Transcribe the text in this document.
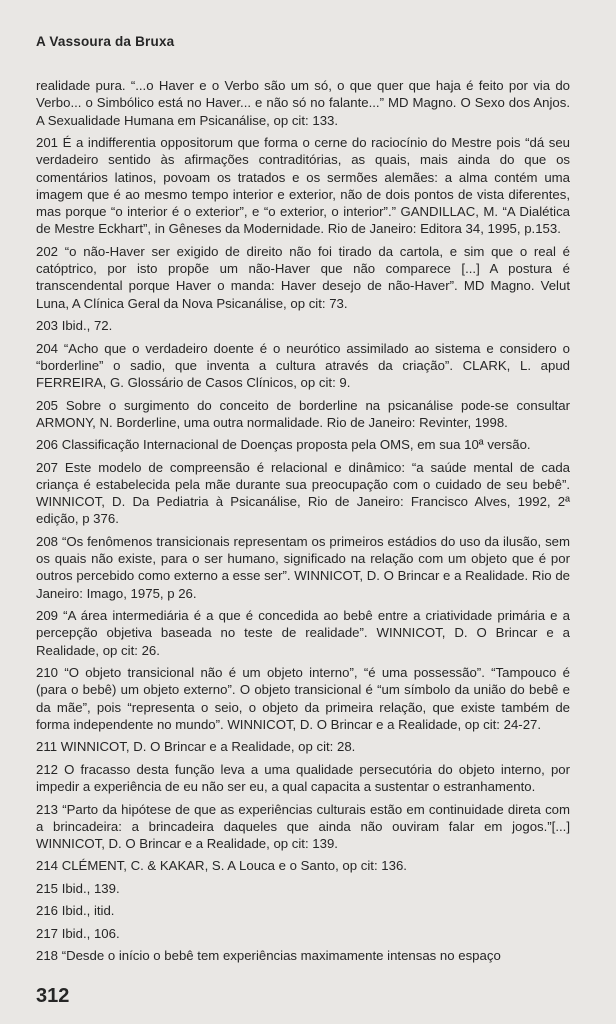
A Vassoura da Bruxa

realidade pura. “...o Haver e o Verbo são um só, o que quer que haja é feito por via do Verbo... o Simbólico está no Haver... e não só no falante...” MD Magno. O Sexo dos Anjos. A Sexualidade Humana em Psicanálise, op cit: 133.

201 É a indifferentia oppositorum que forma o cerne do raciocínio do Mestre pois “dá seu verdadeiro sentido às afirmações contraditórias, as quais, mais ainda do que os comentários latinos, povoam os tratados e os sermões alemães: a alma contém uma imagem que é ao mesmo tempo interior e exterior, não de dois pontos de vista diferentes, mas porque “o interior é o exterior”, e “o exterior, o interior”.” GANDILLAC, M. “A Dialética de Mestre Eckhart”, in Gêneses da Modernidade. Rio de Janeiro: Editora 34, 1995, p.153.

202 “o não-Haver ser exigido de direito não foi tirado da cartola, e sim que o real é catóptrico, por isto propõe um não-Haver que não comparece [...] A postura é transcendental porque Haver o manda: Haver desejo de não-Haver”. MD Magno. Velut Luna, A Clínica Geral da Nova Psicanálise, op cit: 73.

203 Ibid., 72.

204 “Acho que o verdadeiro doente é o neurótico assimilado ao sistema e considero o “borderline” o sadio, que inventa a cultura através da criação”. CLARK, L. apud FERREIRA, G. Glossário de Casos Clínicos, op cit: 9.

205 Sobre o surgimento do conceito de borderline na psicanálise pode-se consultar ARMONY, N. Borderline, uma outra normalidade. Rio de Janeiro: Revinter, 1998.

206 Classificação Internacional de Doenças proposta pela OMS, em sua 10ª versão.

207 Este modelo de compreensão é relacional e dinâmico: “a saúde mental de cada criança é estabelecida pela mãe durante sua preocupação com o cuidado de seu bebê”. WINNICOT, D. Da Pediatria à Psicanálise, Rio de Janeiro: Francisco Alves, 1992, 2ª edição, p 376.

208 “Os fenômenos transicionais representam os primeiros estádios do uso da ilusão, sem os quais não existe, para o ser humano, significado na relação com um objeto que é por outros percebido como externo a esse ser”. WINNICOT, D. O Brincar e a Realidade. Rio de Janeiro: Imago, 1975, p 26.

209 “A área intermediária é a que é concedida ao bebê entre a criatividade primária e a percepção objetiva baseada no teste de realidade”. WINNICOT, D. O Brincar e a Realidade, op cit: 26.

210 “O objeto transicional não é um objeto interno”, “é uma possessão”. “Tampouco é (para o bebê) um objeto externo”. O objeto transicional é “um símbolo da união do bebê e da mãe”, pois “representa o seio, o objeto da primeira relação, que existe também de forma independente no mundo”. WINNICOT, D. O Brincar e a Realidade, op cit: 24-27.

211 WINNICOT, D. O Brincar e a Realidade, op cit: 28.

212 O fracasso desta função leva a uma qualidade persecutória do objeto interno, por impedir a experiência de eu não ser eu, a qual capacita a sustentar o estranhamento.

213 “Parto da hipótese de que as experiências culturais estão em continuidade direta com a brincadeira: a brincadeira daqueles que ainda não ouviram falar em jogos.”[...] WINNICOT, D. O Brincar e a Realidade, op cit: 139.

214 CLÉMENT, C. & KAKAR, S. A Louca e o Santo, op cit: 136.

215 Ibid., 139.

216 Ibid., itid.

217 Ibid., 106.

218 “Desde o início o bebê tem experiências maximamente intensas no espaço

312
